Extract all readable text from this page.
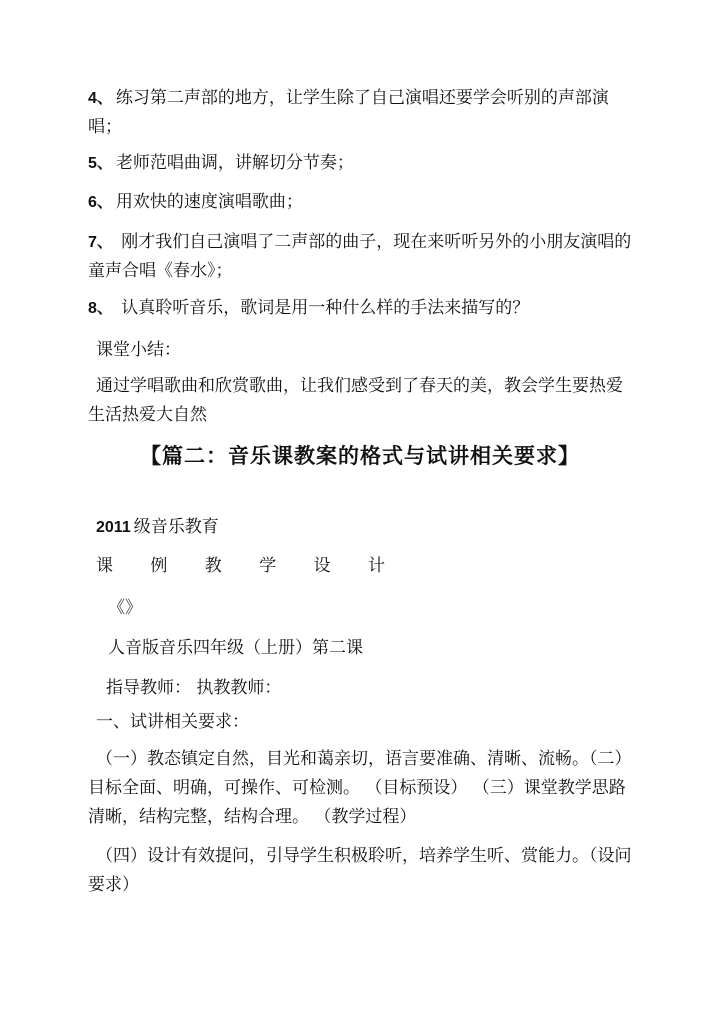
4、 练习第二声部的地方，让学生除了自己演唱还要学会听别的声部演唱；
5、 老师范唱曲调，讲解切分节奏；
6、 用欢快的速度演唱歌曲；
7、 刚才我们自己演唱了二声部的曲子，现在来听听另外的小朋友演唱的童声合唱《春水》；
8、 认真聆听音乐，歌词是用一种什么样的手法来描写的？
课堂小结：
通过学唱歌曲和欣赏歌曲，让我们感受到了春天的美，教会学生要热爱生活热爱大自然
【篇二：音乐课教案的格式与试讲相关要求】
2011 级音乐教育
课 例 教 学 设 计
《》
人音版音乐四年级（上册）第二课
指导教师： 执教教师：
一、试讲相关要求：
（一）教态镇定自然，目光和蔼亲切，语言要准确、清晰、流畅。（二）目标全面、明确，可操作、可检测。 （目标预设） （三）课堂教学思路清晰，结构完整，结构合理。 （教学过程）
（四）设计有效提问，引导学生积极聆听，培养学生听、赏能力。（设问要求）
